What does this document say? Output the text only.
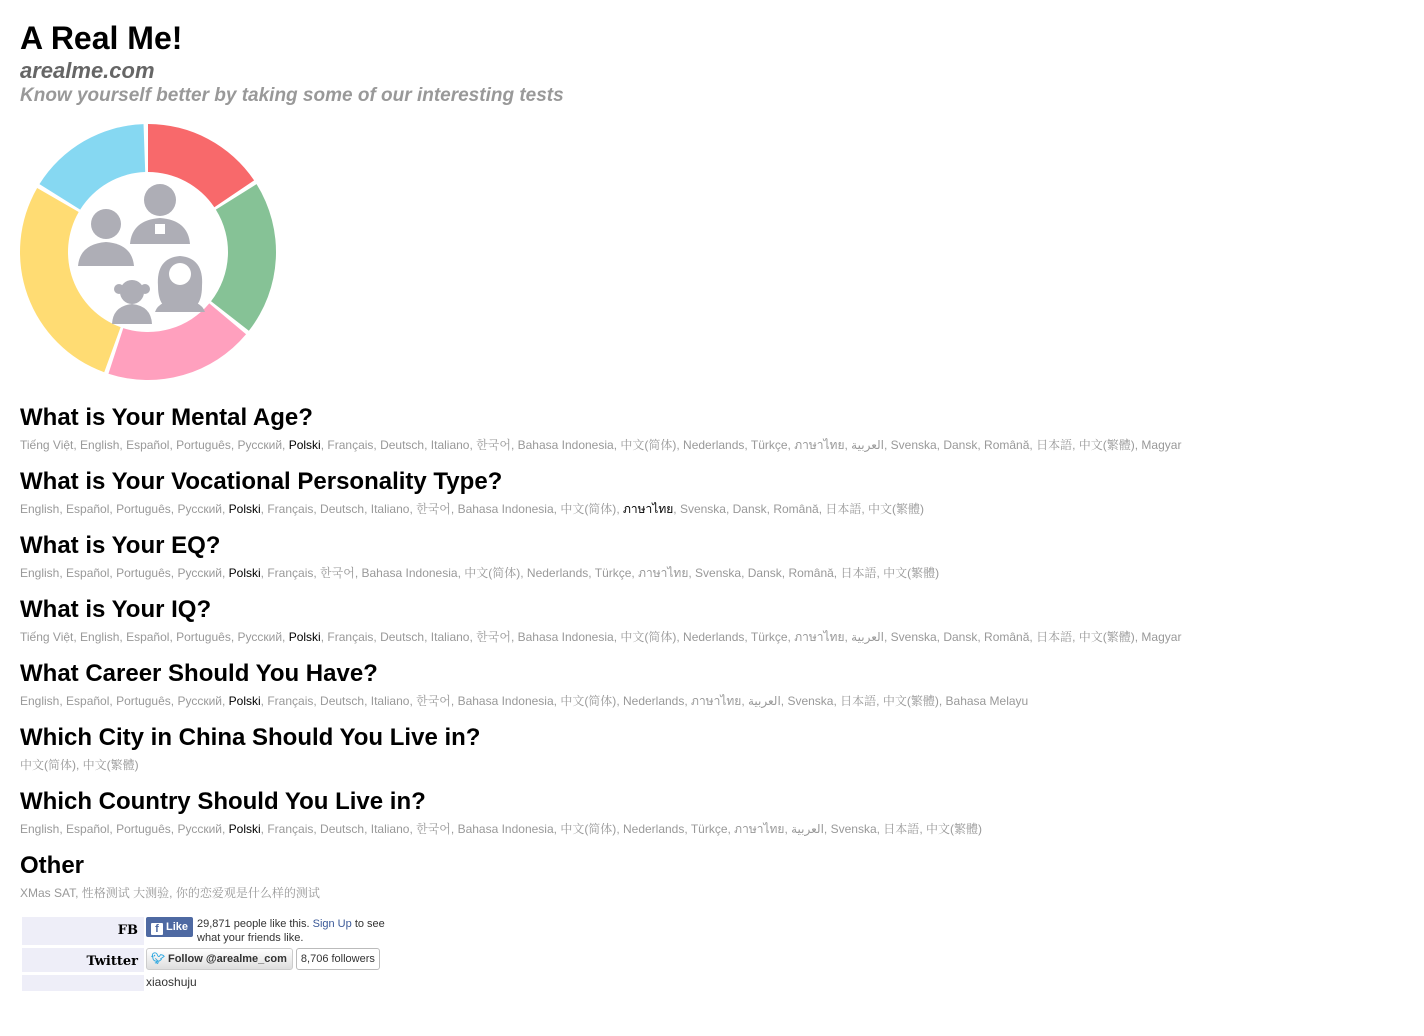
A Real Me!
arealme.com
Know yourself better by taking some of our interesting tests
What is Your Mental Age?
Tiếng Việt, English, Español, Português, Русский, Polski, Français, Deutsch, Italiano, 한국어, Bahasa Indonesia, 中文(简体), Nederlands, Türkçe, ภาษาไทย, العربية, Svenska, Dansk, Română, 日本語, 中文(繁體), Magyar
What is Your Vocational Personality Type?
English, Español, Português, Русский, Polski, Français, Deutsch, Italiano, 한국어, Bahasa Indonesia, 中文(简体), ภาษาไทย, Svenska, Dansk, Română, 日本語, 中文(繁體)
What is Your EQ?
English, Español, Português, Русский, Polski, Français, 한국어, Bahasa Indonesia, 中文(简体), Nederlands, Türkçe, ภาษาไทย, Svenska, Dansk, Română, 日本語, 中文(繁體)
What is Your IQ?
Tiếng Việt, English, Español, Português, Русский, Polski, Français, Deutsch, Italiano, 한국어, Bahasa Indonesia, 中文(简体), Nederlands, Türkçe, ภาษาไทย, العربية, Svenska, Dansk, Română, 日本語, 中文(繁體), Magyar
What Career Should You Have?
English, Español, Português, Русский, Polski, Français, Deutsch, Italiano, 한국어, Bahasa Indonesia, 中文(简体), Nederlands, ภาษาไทย, العربية, Svenska, 日本語, 中文(繁體), Bahasa Melayu
Which City in China Should You Live in?
中文(简体), 中文(繁體)
Which Country Should You Live in?
English, Español, Português, Русский, Polski, Français, Deutsch, Italiano, 한국어, Bahasa Indonesia, 中文(简体), Nederlands, Türkçe, ภาษาไทย, العربية, Svenska, 日本語, 中文(繁體)
Other
XMas SAT, 性格测试 大测验, 你的恋爱观是什么样的测试
FB	f Like 29,871 people like this. Sign Up to see what your friends like.
Twitter	🐦︎ Follow @arealme_com 8,706 followers
	xiaoshuju
